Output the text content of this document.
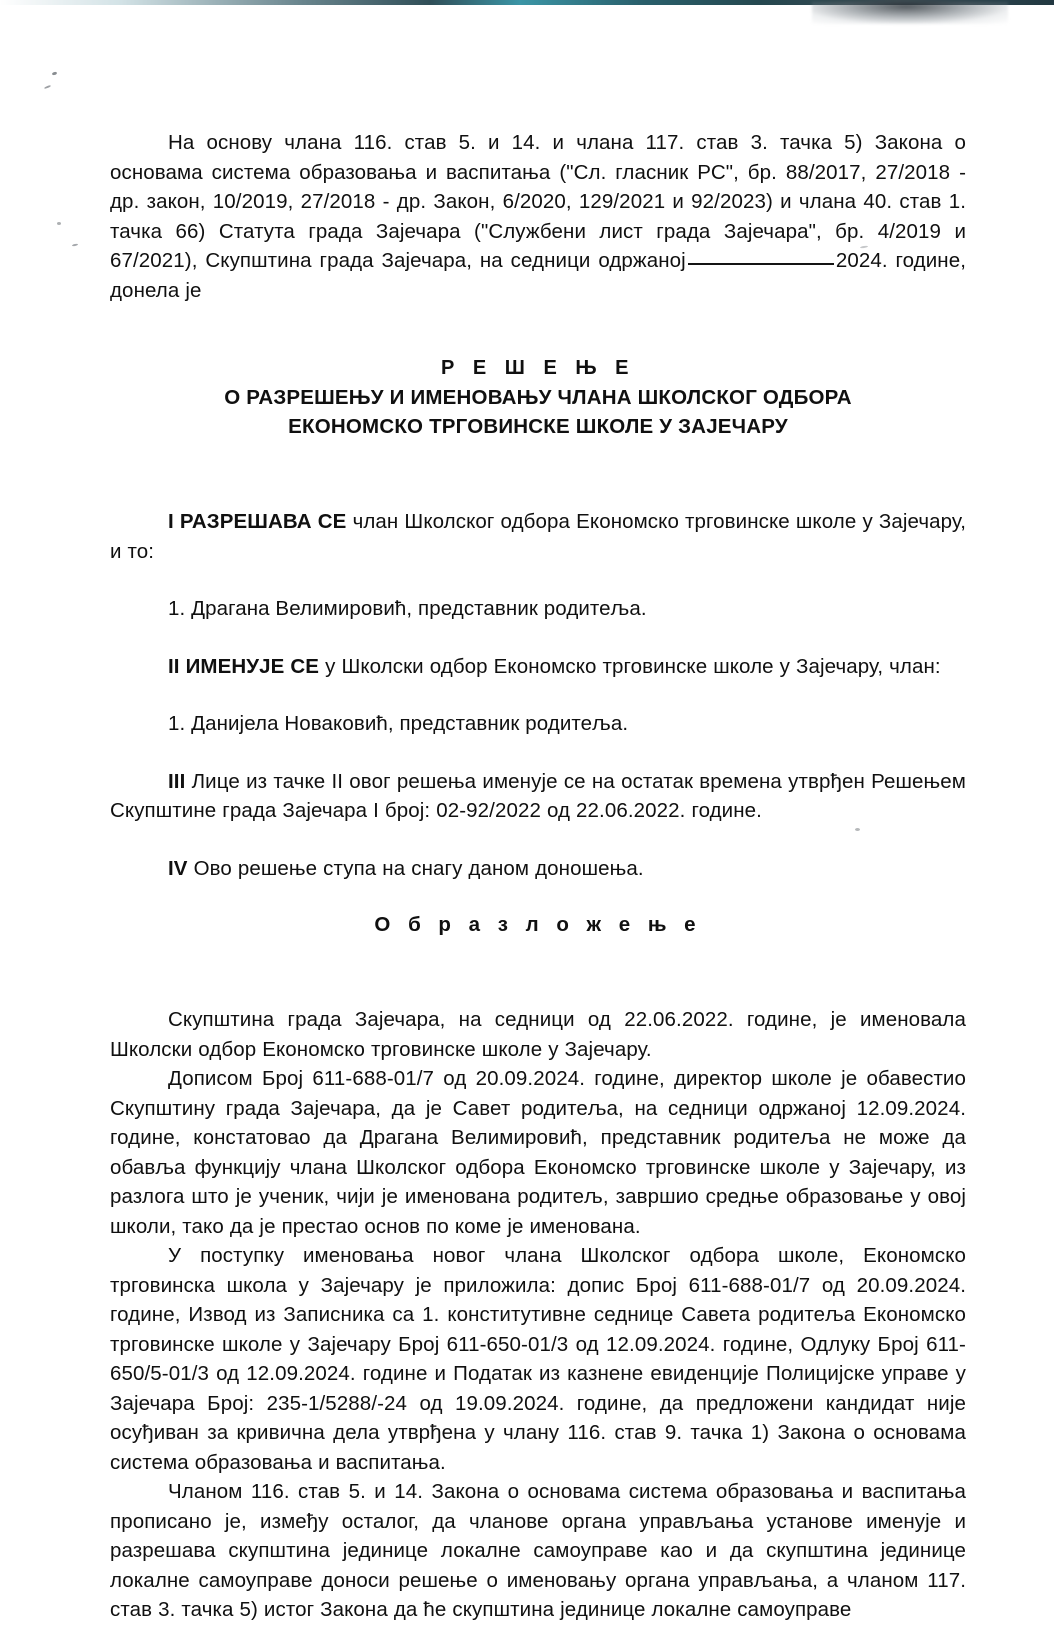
На основу члана 116. став 5. и 14. и члана 117. став 3. тачка 5) Закона о основама система образовања и васпитања ("Сл. гласник РС", бр. 88/2017, 27/2018 - др. закон, 10/2019, 27/2018 - др. Закон, 6/2020, 129/2021 и 92/2023) и члана 40. став 1. тачка 66) Статута града Зајечара ("Службени лист града Зајечара", бр. 4/2019 и 67/2021), Скупштина града Зајечара, на седници одржаној	2024. године, донела је

Р Е Ш Е Њ Е
О РАЗРЕШЕЊУ И ИМЕНОВАЊУ ЧЛАНА ШКОЛСКОГ ОДБОРА
ЕКОНОМСКО ТРГОВИНСКЕ ШКОЛЕ У ЗАЈЕЧАРУ

I РАЗРЕШАВА СЕ члан Школског одбора Економско трговинске школе у Зајечару, и то:

1. Драгана Велимировић, представник родитеља.

II ИМЕНУЈЕ СЕ у Школски одбор Економско трговинске школе у Зајечару, члан:

1. Данијела Новаковић, представник родитеља.

III Лице из тачке II овог решења именује се на остатак времена утврђен Решењем Скупштине града Зајечара I број: 02-92/2022 од 22.06.2022. године.

IV Ово решење ступа на снагу даном доношења.

О б р а з л о ж е њ е

Скупштина града Зајечара, на седници од 22.06.2022. године, је именовала Школски одбор Економско трговинске школе у Зајечару.

Дописом Број 611-688-01/7 од 20.09.2024. године, директор школе је обавестио Скупштину града Зајечара, да је Савет родитеља, на седници одржаној 12.09.2024. године, констатовао да Драгана Велимировић, представник родитеља не може да обавља функцију члана Школског одбора Економско трговинске школе у Зајечару, из разлога што је ученик, чији је именована родитељ, завршио средње образовање у овој школи, тако да је престао основ по коме је именована.

У поступку именовања новог члана Школског одбора школе, Економско трговинска школа у Зајечару је приложила: допис Број 611-688-01/7 од 20.09.2024. године, Извод из Записника са 1. конститутивне седнице Савета родитеља Економско трговинске школе у Зајечару Број 611-650-01/3 од 12.09.2024. године, Одлуку Број 611-650/5-01/3 од 12.09.2024. године и Податак из казнене евиденције Полицијске управе у Зајечара Број: 235-1/5288/-24 од 19.09.2024. године, да предложени кандидат није осуђиван за кривична дела утврђена у члану 116. став 9. тачка 1) Закона о основама система образовања и васпитања.

Чланом 116. став 5. и 14. Закона о основама система образовања и васпитања прописано је, између осталог, да чланове органа управљања установе именује и разрешава скупштина јединице локалне самоуправе као и да скупштина јединице локалне самоуправе доноси решење о именовању органа управљања, а чланом 117. став 3. тачка 5) истог Закона да ће скупштина јединице локалне самоуправе
